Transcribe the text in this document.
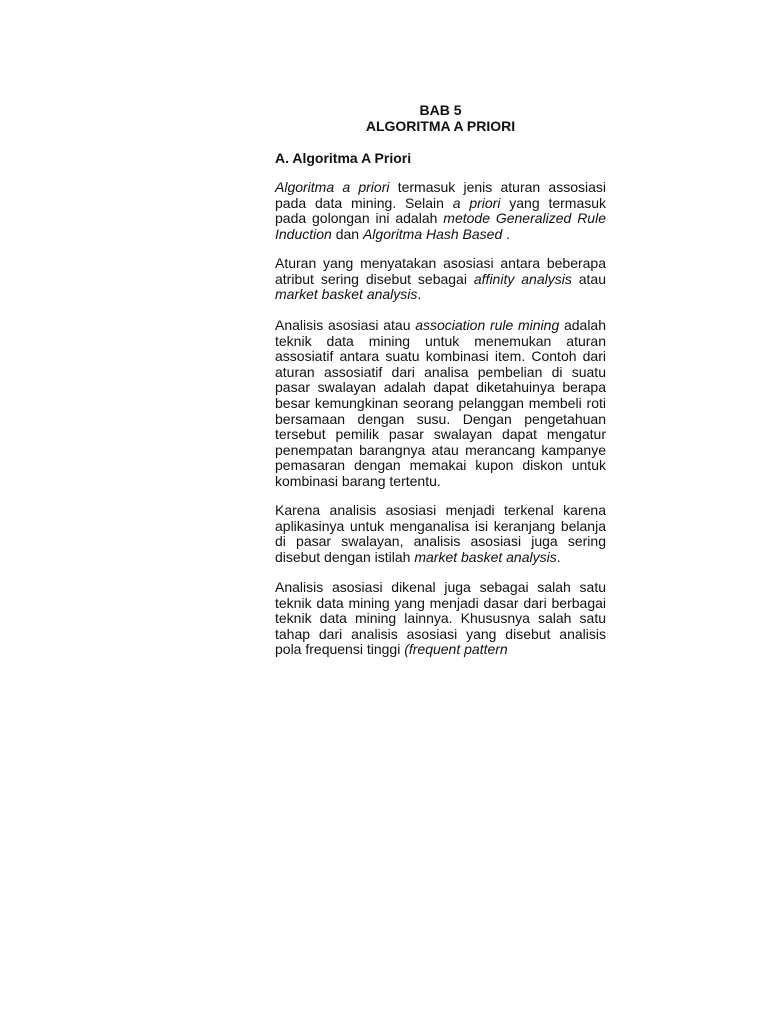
BAB 5
ALGORITMA A PRIORI
A. Algoritma A Priori

Algoritma a priori termasuk jenis aturan assosiasi pada data mining. Selain a priori yang termasuk pada golongan ini adalah metode Generalized Rule Induction dan Algoritma Hash Based .

Aturan yang menyatakan asosiasi antara beberapa atribut sering disebut sebagai affinity analysis atau market basket analysis.

Analisis asosiasi atau association rule mining adalah teknik data mining untuk menemukan aturan assosiatif antara suatu kombinasi item. Contoh dari aturan assosiatif dari analisa pembelian di suatu pasar swalayan adalah dapat diketahuinya berapa besar kemungkinan seorang pelanggan membeli roti bersamaan dengan susu. Dengan pengetahuan tersebut pemilik pasar swalayan dapat mengatur penempatan barangnya atau merancang kampanye pemasaran dengan memakai kupon diskon untuk kombinasi barang tertentu.

Karena analisis asosiasi menjadi terkenal karena aplikasinya untuk menganalisa isi keranjang belanja di pasar swalayan, analisis asosiasi juga sering disebut dengan istilah market basket analysis.

Analisis asosiasi dikenal juga sebagai salah satu teknik data mining yang menjadi dasar dari berbagai teknik data mining lainnya. Khususnya salah satu tahap dari analisis asosiasi yang disebut analisis pola frequensi tinggi (frequent pattern
